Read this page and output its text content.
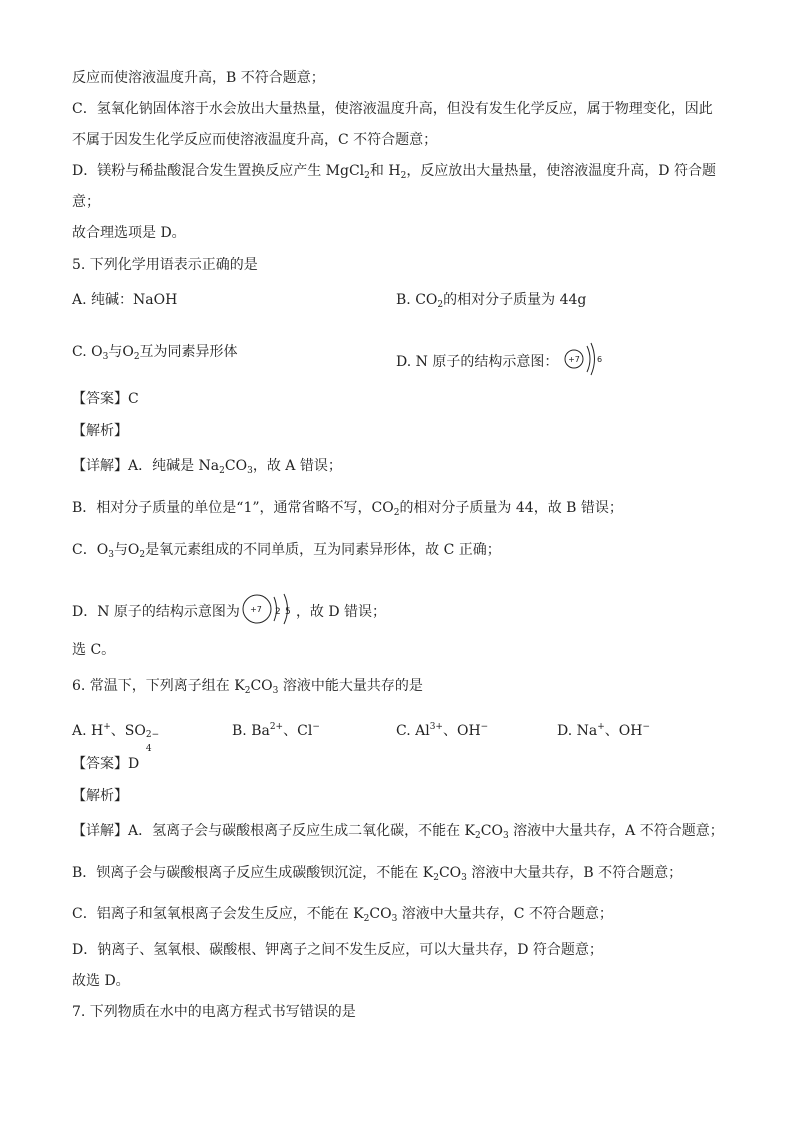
反应而使溶液温度升高，B 不符合题意；
C．氢氧化钠固体溶于水会放出大量热量，使溶液温度升高，但没有发生化学反应，属于物理变化，因此
不属于因发生化学反应而使溶液温度升高，C 不符合题意；
D．镁粉与稀盐酸混合发生置换反应产生 MgCl$_2$和 $H_2$，反应放出大量热量，使溶液温度升高，D 符合题
意；
故合理选项是 D。
5. 下列化学用语表示正确的是
A. 纯碱：NaOH	B. $CO_2$的相对分子质量为 44g
C. $O_3$与$O_2$互为同素异形体
D. N 原子的结构示意图： +7 6
【答案】C
【解析】
【详解】A．纯碱是 $Na_2CO_3$，故 A 错误；
B．相对分子质量的单位是“1”，通常省略不写，$CO_2$的相对分子质量为 44，故 B 错误；
C．$O_3$与$O_2$是氧元素组成的不同单质，互为同素异形体，故 C 正确；
D．N 原子的结构示意图为 +7 2 5 ，故 D 错误；
选 C。
6. 常温下，下列离子组在 $K_2CO_3$ 溶液中能大量共存的是
A. H+、SO 2−
4
B. $Ba^{2+}$、Cl−	C. $Al^{3+}$、OH−	D. Na+、OH−
【答案】D
【解析】
【详解】A．氢离子会与碳酸根离子反应生成二氧化碳，不能在 $K_2CO_3$ 溶液中大量共存，A 不符合题意；
B．钡离子会与碳酸根离子反应生成碳酸钡沉淀，不能在 $K_2CO_3$ 溶液中大量共存，B 不符合题意；
C．铝离子和氢氧根离子会发生反应，不能在 $K_2CO_3$ 溶液中大量共存，C 不符合题意；
D．钠离子、氢氧根、碳酸根、钾离子之间不发生反应，可以大量共存，D 符合题意；
故选 D。
7. 下列物质在水中的电离方程式书写错误的是
